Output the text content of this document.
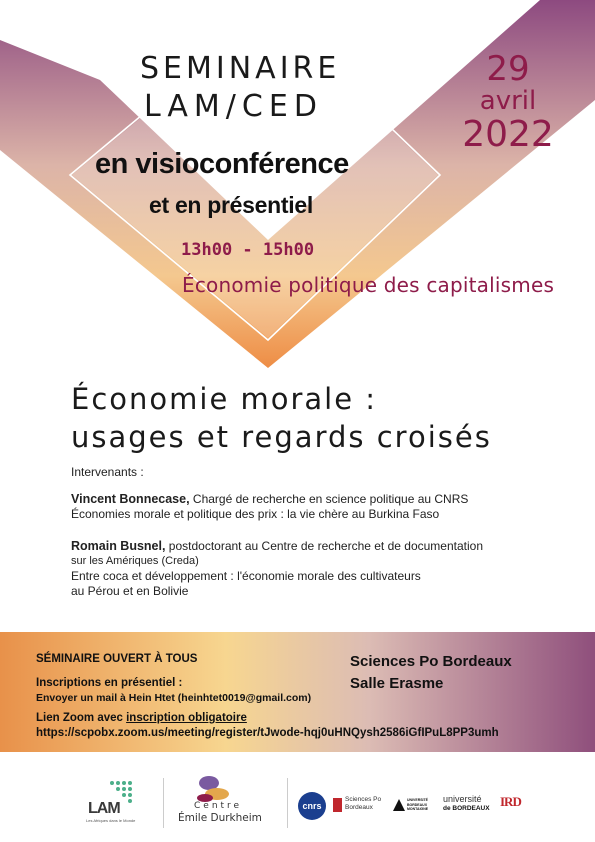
SEMINAIRE
LAM/CED
en visioconférence
et en présentiel
13h00 - 15h00
Économie politique des capitalismes
29
avril
2022
Économie morale :
usages et regards croisés
Intervenants :
Vincent Bonnecase, Chargé de recherche en science politique au CNRS
Économies morale et politique des prix : la vie chère au Burkina Faso
Romain Busnel, postdoctorant au Centre de recherche et de documentation
sur les Amériques (Creda)
Entre coca et développement : l'économie morale des cultivateurs
au Pérou et en Bolivie
SÉMINAIRE OUVERT À TOUS
Inscriptions en présentiel :
Envoyer un mail à Hein Htet (heinhtet0019@gmail.com)
Lien Zoom avec inscription obligatoire
https://scpobx.zoom.us/meeting/register/tJwode-hqj0uHNQysh2586iGfIPuL8PP3umh
Sciences Po Bordeaux
Salle Erasme
LAM
Les Afriques dans le Monde
Centre
Émile Durkheim
cnrs
Sciences Po
Bordeaux
UNIVERSITÉ BORDEAUX MONTAIGNE
université
de BORDEAUX IRD
